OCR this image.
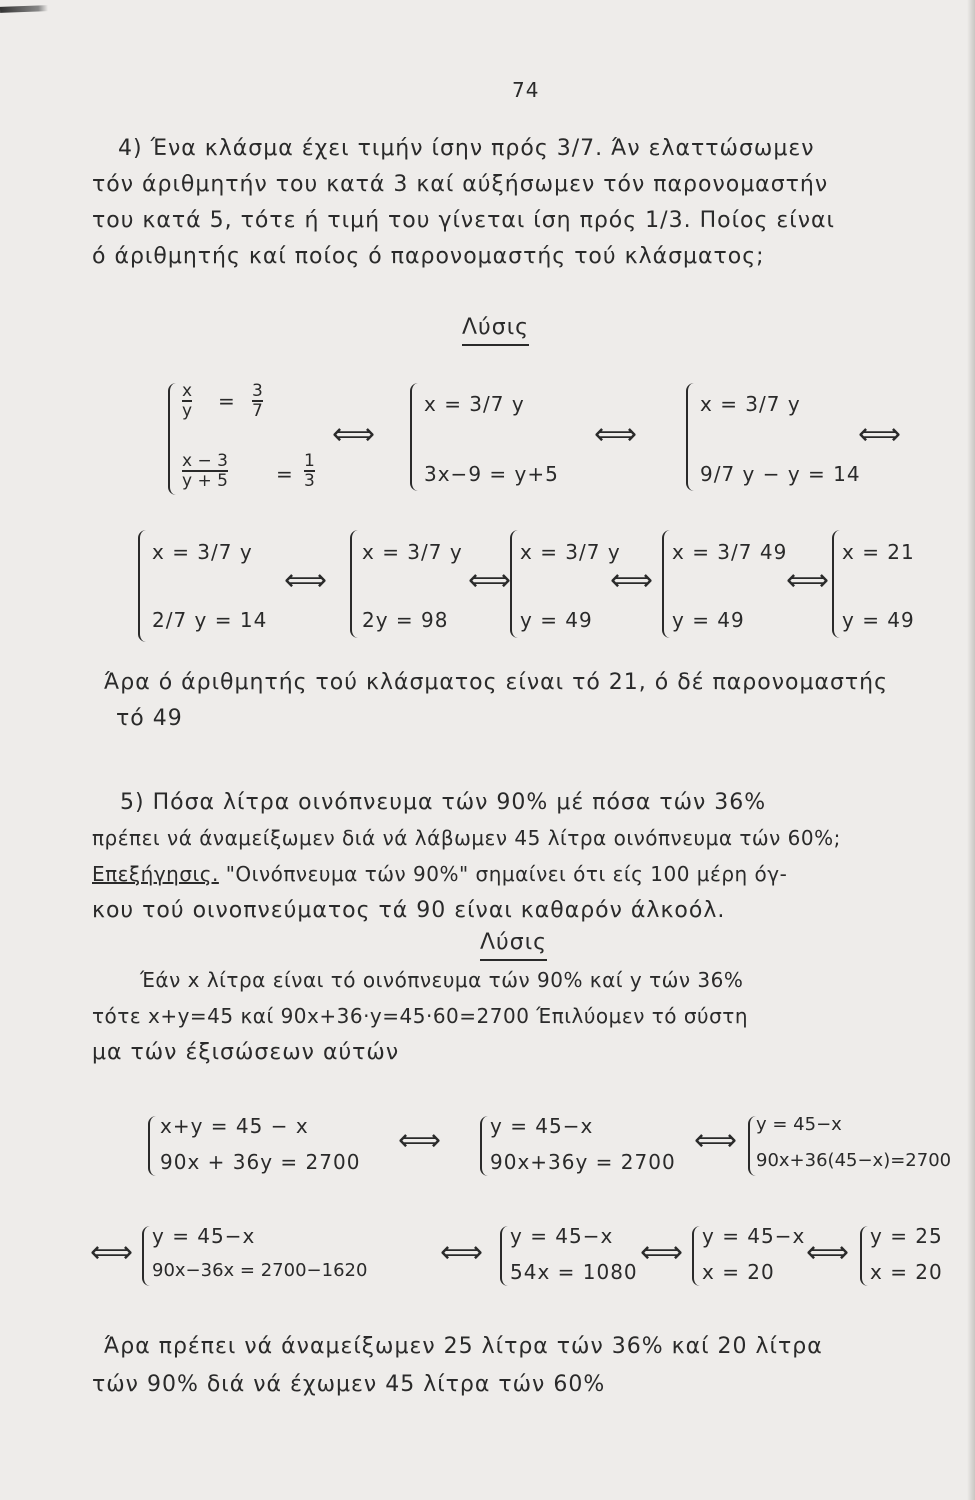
74
4) Ένα κλάσμα έχει τιμήν ίσην πρός 3/7. Άν ελαττώσωμεν
τόν άριθμητήν του κατά 3 καί αύξήσωμεν τόν παρονομαστήν
του κατά 5, τότε ή τιμή του γίνεται ίση πρός 1/3. Ποίος είναι
ό άριθμητής καί ποίος ό παρονομαστής τού κλάσματος;
Λύσις
x
y = 3
7
x − 3
y + 5 =
1
3
⟺
x = 3/7 y
3x−9 = y+5
⟺
x = 3/7 y
9/7 y − y = 14
⟺
x = 3/7 y
2/7 y = 14
⟺
x = 3/7 y
2y = 98
⟺
x = 3/7 y
y = 49
⟺
x = 3/7 49
y = 49
⟺
x = 21
y = 49
Άρα ό άριθμητής τού κλάσματος είναι τό 21, ό δέ παρονομαστής
τό 49
5) Πόσα λίτρα οινόπνευμα τών 90% μέ πόσα τών 36%
πρέπει νά άναμείξωμεν διά νά λάβωμεν 45 λίτρα οινόπνευμα τών 60%;
Επεξήγησις. "Οινόπνευμα τών 90%" σημαίνει ότι είς 100 μέρη όγ-
κου τού οινοπνεύματος τά 90 είναι καθαρόν άλκοόλ.
Λύσις
Έάν x λίτρα είναι τό οινόπνευμα τών 90% καί y τών 36%
τότε x+y=45 καί 90x+36·y=45·60=2700 Έπιλύομεν τό σύστη
μα τών έξισώσεων αύτών
x+y = 45 − x
90x + 36y = 2700
⟺ y = 45−x
90x+36y = 2700
⟺ y = 45−x
90x+36(45−x)=2700
⟺ y = 45−x
90x−36x = 2700−1620
⟺ y = 45−x
54x = 1080
⟺ y = 45−x
x = 20
⟺ y = 25
x = 20
Άρα πρέπει νά άναμείξωμεν 25 λίτρα τών 36% καί 20 λίτρα
τών 90% διά νά έχωμεν 45 λίτρα τών 60%
